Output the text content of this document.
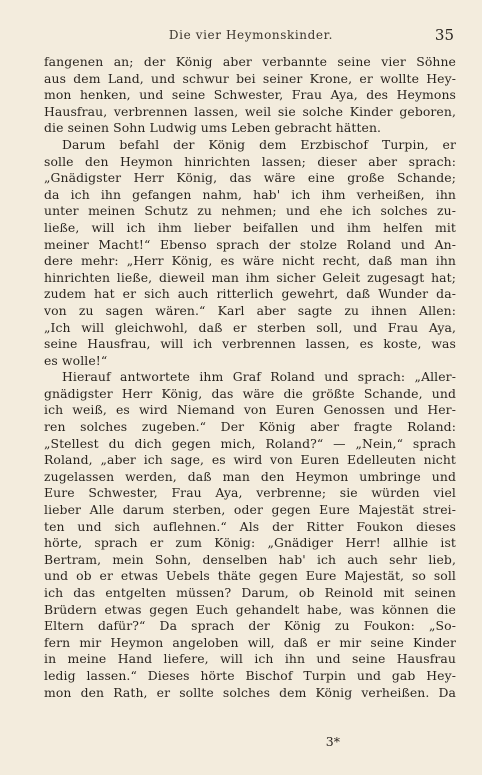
Die vier Heymonskinder.	35
fangenen an; der König aber verbannte seine vier Söhne
aus dem Land, und schwur bei seiner Krone, er wollte Hey-
mon henken, und seine Schwester, Frau Aya, des Heymons
Hausfrau, verbrennen lassen, weil sie solche Kinder geboren,
die seinen Sohn Ludwig ums Leben gebracht hätten.
Darum befahl der König dem Erzbischof Turpin, er
solle den Heymon hinrichten lassen; dieser aber sprach:
„Gnädigster Herr König, das wäre eine große Schande;
da ich ihn gefangen nahm, hab' ich ihm verheißen, ihn
unter meinen Schutz zu nehmen; und ehe ich solches zu-
ließe, will ich ihm lieber beifallen und ihm helfen mit
meiner Macht!“ Ebenso sprach der stolze Roland und An-
dere mehr: „Herr König, es wäre nicht recht, daß man ihn
hinrichten ließe, dieweil man ihm sicher Geleit zugesagt hat;
zudem hat er sich auch ritterlich gewehrt, daß Wunder da-
von zu sagen wären.“ Karl aber sagte zu ihnen Allen:
„Ich will gleichwohl, daß er sterben soll, und Frau Aya,
seine Hausfrau, will ich verbrennen lassen, es koste, was
es wolle!“
Hierauf antwortete ihm Graf Roland und sprach: „Aller-
gnädigster Herr König, das wäre die größte Schande, und
ich weiß, es wird Niemand von Euren Genossen und Her-
ren solches zugeben.“ Der König aber fragte Roland:
„Stellest du dich gegen mich, Roland?“ — „Nein,“ sprach
Roland, „aber ich sage, es wird von Euren Edelleuten nicht
zugelassen werden, daß man den Heymon umbringe und
Eure Schwester, Frau Aya, verbrenne; sie würden viel
lieber Alle darum sterben, oder gegen Eure Majestät strei-
ten und sich auflehnen.“ Als der Ritter Foukon dieses
hörte, sprach er zum König: „Gnädiger Herr! allhie ist
Bertram, mein Sohn, denselben hab' ich auch sehr lieb,
und ob er etwas Uebels thäte gegen Eure Majestät, so soll
ich das entgelten müssen? Darum, ob Reinold mit seinen
Brüdern etwas gegen Euch gehandelt habe, was können die
Eltern dafür?“ Da sprach der König zu Foukon: „So-
fern mir Heymon angeloben will, daß er mir seine Kinder
in meine Hand liefere, will ich ihn und seine Hausfrau
ledig lassen.“ Dieses hörte Bischof Turpin und gab Hey-
mon den Rath, er sollte solches dem König verheißen. Da
3*
